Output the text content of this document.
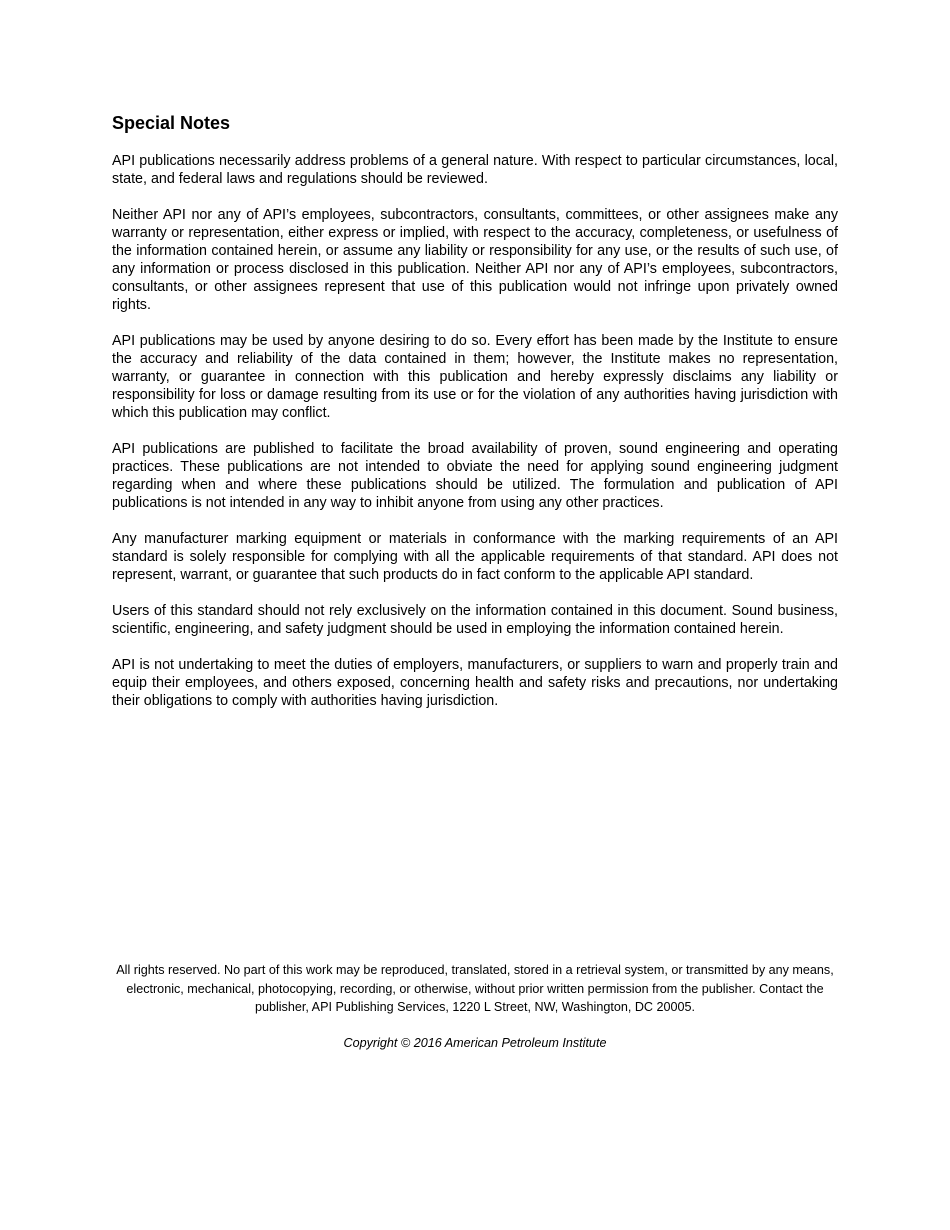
Special Notes

API publications necessarily address problems of a general nature. With respect to particular circumstances, local, state, and federal laws and regulations should be reviewed.

Neither API nor any of API’s employees, subcontractors, consultants, committees, or other assignees make any warranty or representation, either express or implied, with respect to the accuracy, completeness, or usefulness of the information contained herein, or assume any liability or responsibility for any use, or the results of such use, of any information or process disclosed in this publication. Neither API nor any of API’s employees, subcontractors, consultants, or other assignees represent that use of this publication would not infringe upon privately owned rights.

API publications may be used by anyone desiring to do so. Every effort has been made by the Institute to ensure the accuracy and reliability of the data contained in them; however, the Institute makes no representation, warranty, or guarantee in connection with this publication and hereby expressly disclaims any liability or responsibility for loss or damage resulting from its use or for the violation of any authorities having jurisdiction with which this publication may conflict.

API publications are published to facilitate the broad availability of proven, sound engineering and operating practices. These publications are not intended to obviate the need for applying sound engineering judgment regarding when and where these publications should be utilized. The formulation and publication of API publications is not intended in any way to inhibit anyone from using any other practices.

Any manufacturer marking equipment or materials in conformance with the marking requirements of an API standard is solely responsible for complying with all the applicable requirements of that standard. API does not represent, warrant, or guarantee that such products do in fact conform to the applicable API standard.

Users of this standard should not rely exclusively on the information contained in this document. Sound business, scientific, engineering, and safety judgment should be used in employing the information contained herein.

API is not undertaking to meet the duties of employers, manufacturers, or suppliers to warn and properly train and equip their employees, and others exposed, concerning health and safety risks and precautions, nor undertaking their obligations to comply with authorities having jurisdiction.

All rights reserved. No part of this work may be reproduced, translated, stored in a retrieval system, or transmitted by any means, electronic, mechanical, photocopying, recording, or otherwise, without prior written permission from the publisher. Contact the publisher, API Publishing Services, 1220 L Street, NW, Washington, DC 20005.

Copyright © 2016 American Petroleum Institute
